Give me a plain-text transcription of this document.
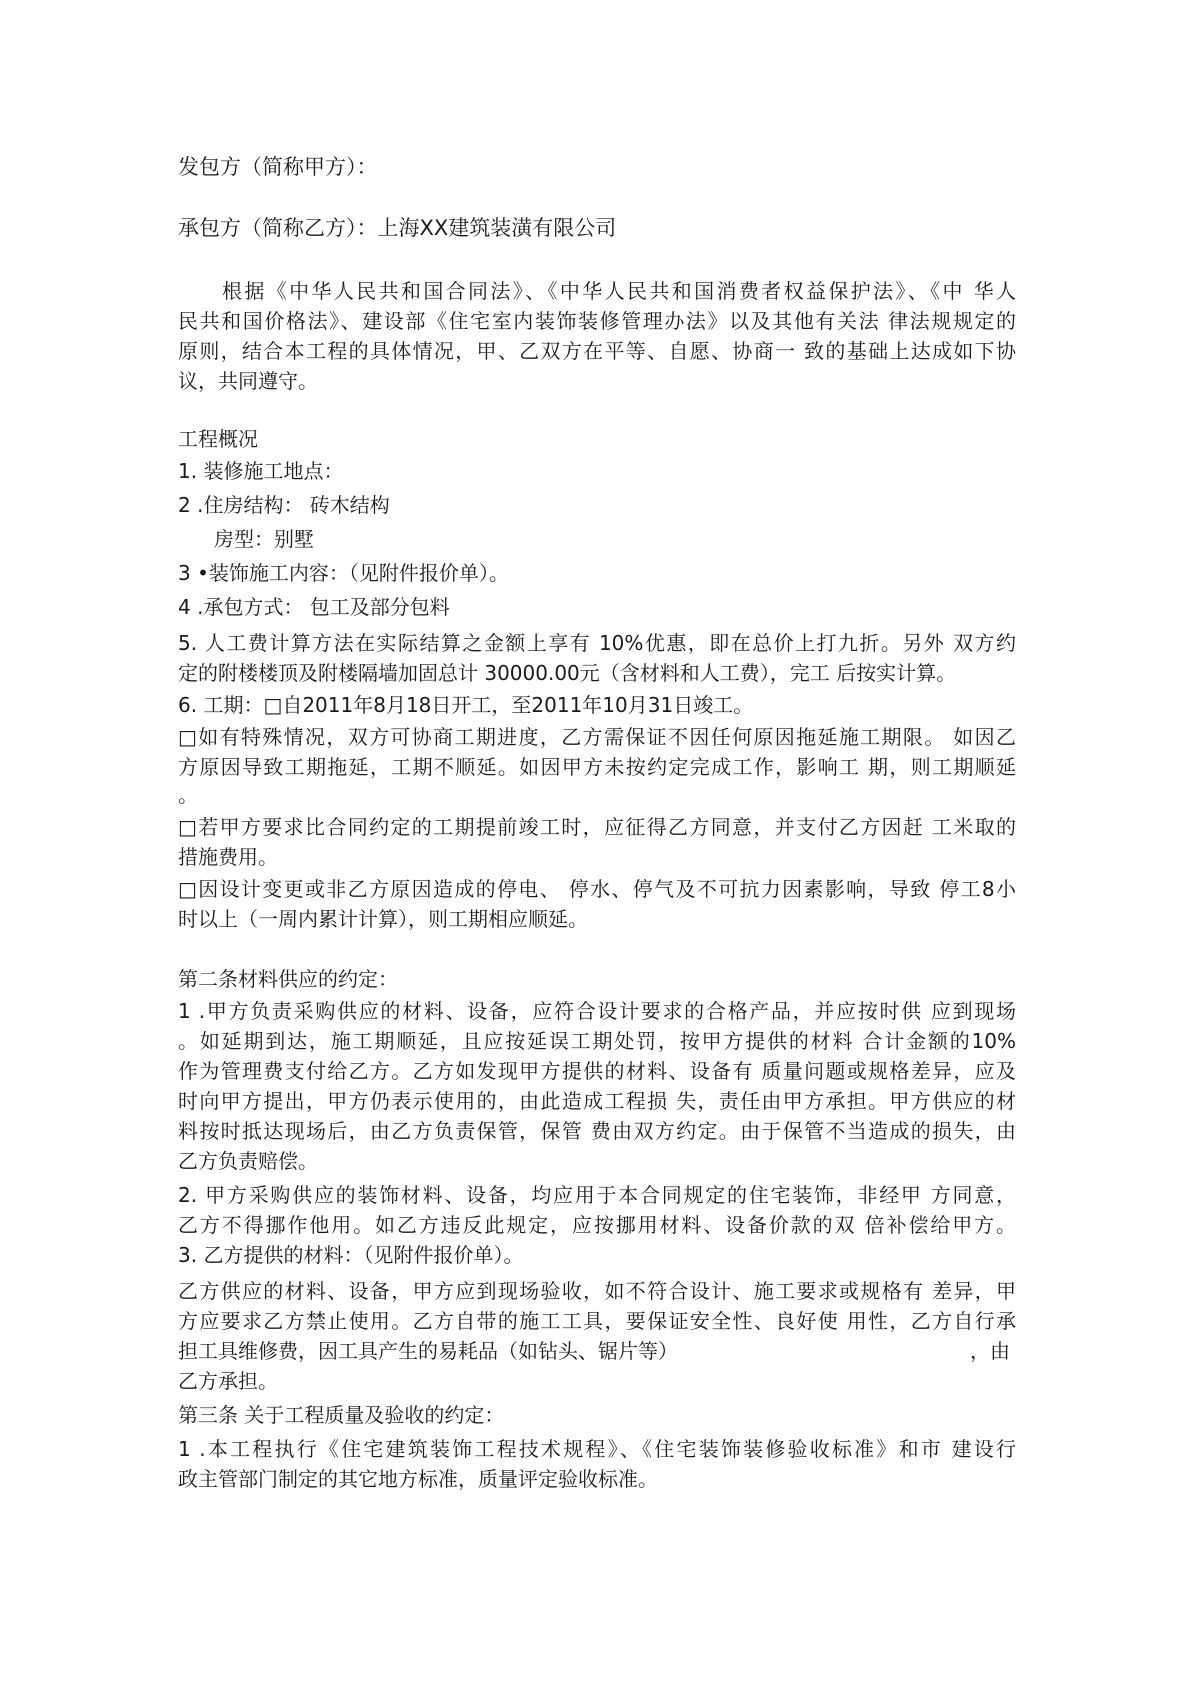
发包方（简称甲方）：

承包方（简称乙方）：上海XX建筑装潢有限公司

根据《中华人民共和国合同法》、《中华人民共和国消费者权益保护法》、《中 华人

民共和国价格法》、建设部《住宅室内装饰装修管理办法》以及其他有关法 律法规规定的

原则，结合本工程的具体情况，甲、乙双方在平等、自愿、协商一 致的基础上达成如下协

议，共同遵守。

工程概况

1. 装修施工地点：

2 .住房结构： 砖木结构

房型：别墅

3 •装饰施工内容：（见附件报价单）。

4 .承包方式： 包工及部分包料

5. 人工费计算方法在实际结算之金额上享有 10%优惠，即在总价上打九折。另外 双方约

定的附楼楼顶及附楼隔墙加固总计 30000.00元（含材料和人工费），完工 后按实计算。

6. 工期：□自2011年8月18日开工，至2011年10月31日竣工。

□如有特殊情况，双方可协商工期进度，乙方需保证不因任何原因拖延施工期限。 如因乙

方原因导致工期拖延，工期不顺延。如因甲方未按约定完成工作，影响工 期，则工期顺延

。

□若甲方要求比合同约定的工期提前竣工时，应征得乙方同意，并支付乙方因赶 工米取的

措施费用。

□因设计变更或非乙方原因造成的停电、 停水、停气及不可抗力因素影响，导致 停工8小

时以上（一周内累计计算），则工期相应顺延。

第二条材料供应的约定：

1 .甲方负责采购供应的材料、设备，应符合设计要求的合格产品，并应按时供 应到现场

。如延期到达，施工期顺延，且应按延误工期处罚，按甲方提供的材料 合计金额的10%

作为管理费支付给乙方。乙方如发现甲方提供的材料、设备有 质量问题或规格差异，应及

时向甲方提出，甲方仍表示使用的，由此造成工程损 失，责任由甲方承担。甲方供应的材

料按时抵达现场后，由乙方负责保管，保管 费由双方约定。由于保管不当造成的损失，由

乙方负责赔偿。

2. 甲方采购供应的装饰材料、设备，均应用于本合同规定的住宅装饰，非经甲 方同意，

乙方不得挪作他用。如乙方违反此规定，应按挪用材料、设备价款的双 倍补偿给甲方。

3. 乙方提供的材料：（见附件报价单）。

乙方供应的材料、设备，甲方应到现场验收，如不符合设计、施工要求或规格有 差异，甲

方应要求乙方禁止使用。乙方自带的施工工具，要保证安全性、良好使 用性，乙方自行承

担工具维修费，因工具产生的易耗品（如钻头、锯片等）	，由

乙方承担。

第三条 关于工程质量及验收的约定：

1 .本工程执行《住宅建筑装饰工程技术规程》、《住宅装饰装修验收标准》和市 建设行

政主管部门制定的其它地方标准，质量评定验收标准。
